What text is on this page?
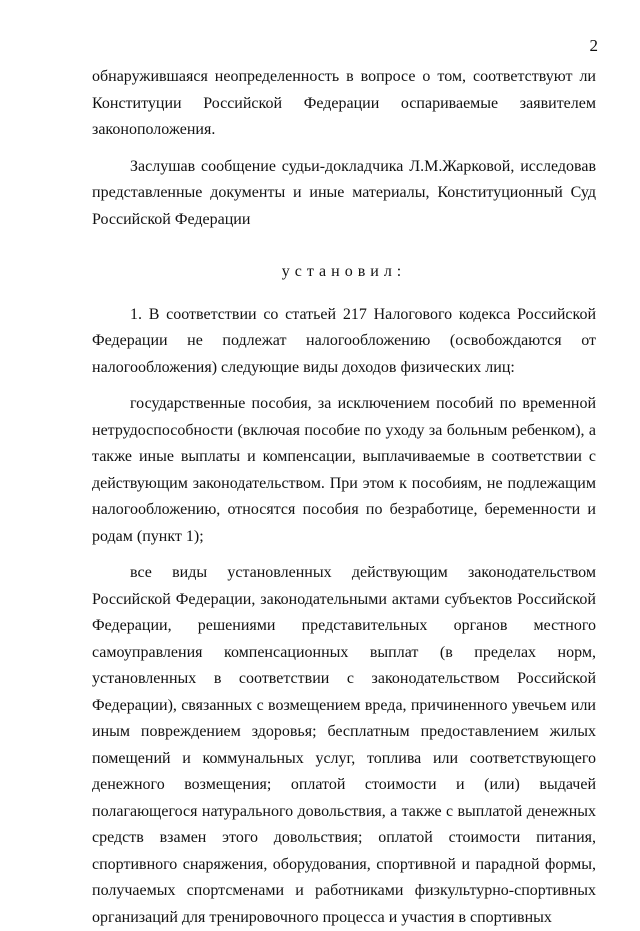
2

обнаружившаяся неопределенность в вопросе о том, соответствуют ли Конституции Российской Федерации оспариваемые заявителем законоположения.

Заслушав сообщение судьи-докладчика Л.М.Жарковой, исследовав представленные документы и иные материалы, Конституционный Суд Российской Федерации

установил:

1. В соответствии со статьей 217 Налогового кодекса Российской Федерации не подлежат налогообложению (освобождаются от налогообложения) следующие виды доходов физических лиц:

государственные пособия, за исключением пособий по временной нетрудоспособности (включая пособие по уходу за больным ребенком), а также иные выплаты и компенсации, выплачиваемые в соответствии с действующим законодательством. При этом к пособиям, не подлежащим налогообложению, относятся пособия по безработице, беременности и родам (пункт 1);

все виды установленных действующим законодательством Российской Федерации, законодательными актами субъектов Российской Федерации, решениями представительных органов местного самоуправления компенсационных выплат (в пределах норм, установленных в соответствии с законодательством Российской Федерации), связанных с возмещением вреда, причиненного увечьем или иным повреждением здоровья; бесплатным предоставлением жилых помещений и коммунальных услуг, топлива или соответствующего денежного возмещения; оплатой стоимости и (или) выдачей полагающегося натурального довольствия, а также с выплатой денежных средств взамен этого довольствия; оплатой стоимости питания, спортивного снаряжения, оборудования, спортивной и парадной формы, получаемых спортсменами и работниками физкультурно-спортивных организаций для тренировочного процесса и участия в спортивных
